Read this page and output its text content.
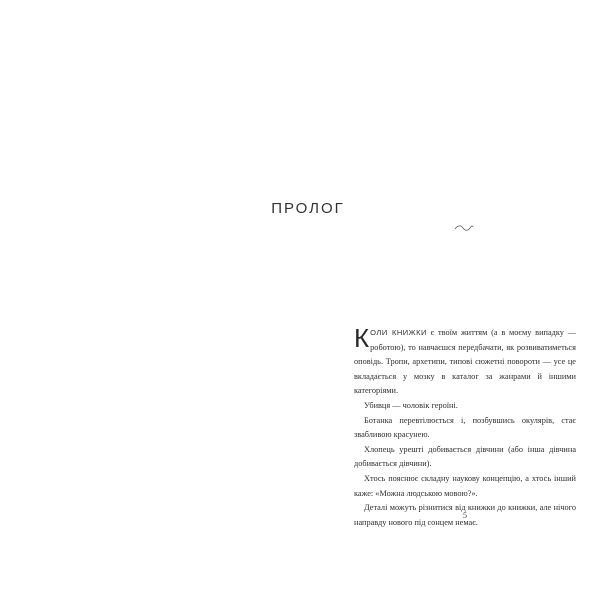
ПРОЛОГ

КОЛИ КНИЖКИ є твоїм життям (а в моєму випадку — роботою), то навчаєшся передбачати, як розвиватиметься оповідь. Тропи, архетипи, типові сюжетні повороти — усе це вкладається у мозку в каталог за жанрами й іншими категоріями.

Убивця — чоловік героїні.

Ботанка перевтілюється і, позбувшись окулярів, стає звабливою красунею.

Хлопець урешті добивається дівчини (або інша дівчина добивається дівчини).

Хтось пояснює складну наукову концепцію, а хтось інший каже: «Можна людською мовою?».

Деталі можуть різнитися від книжки до книжки, але нічого направду нового під сонцем немає.

5
